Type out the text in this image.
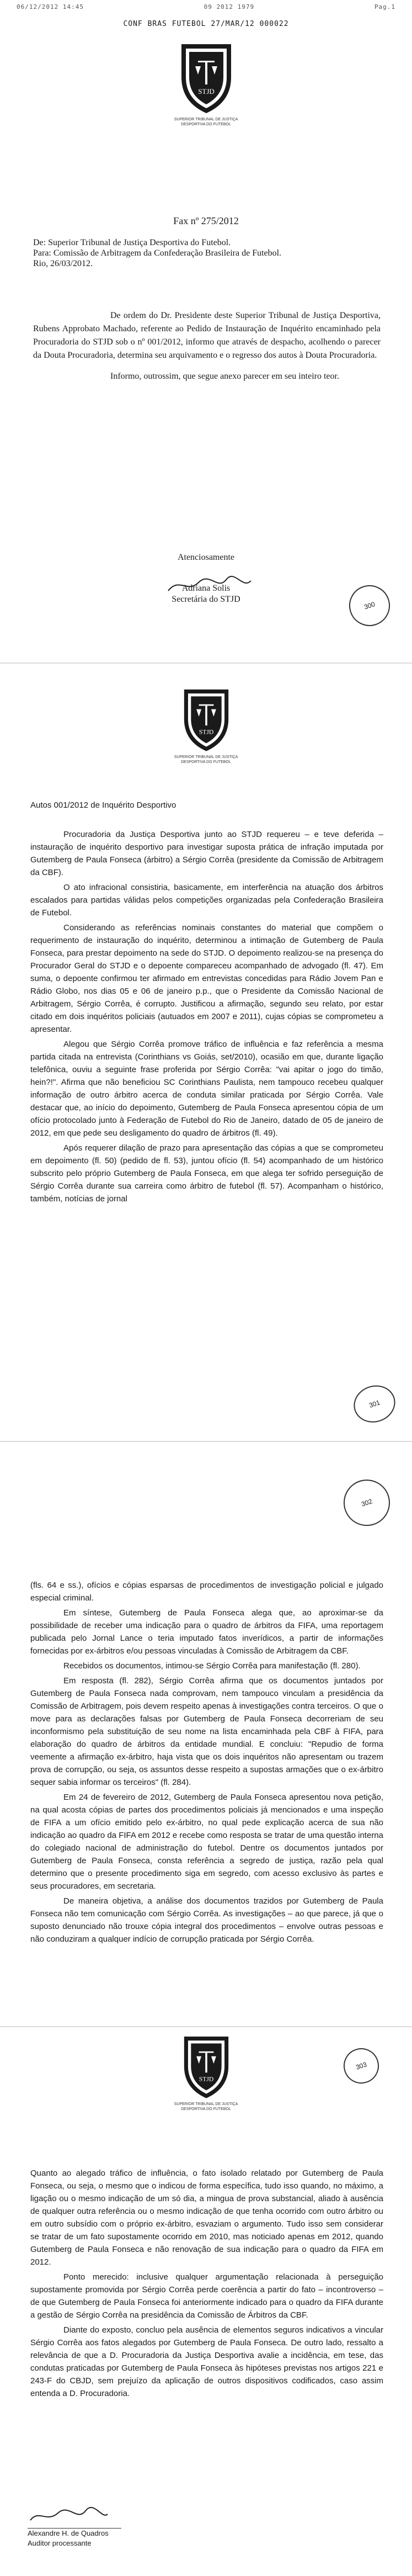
06/12/2012 14:45	09 2012 1979	Pag.1
CONF BRAS FUTEBOL 27/MAR/12 000022
STJD
SUPERIOR TRIBUNAL DE JUSTIÇA
DESPORTIVA DO FUTEBOL
Fax nº 275/2012
De: Superior Tribunal de Justiça Desportiva do Futebol.
Para: Comissão de Arbitragem da Confederação Brasileira de Futebol.
Rio, 26/03/2012.

De ordem do Dr. Presidente deste Superior Tribunal de Justiça Desportiva, Rubens Approbato Machado, referente ao Pedido de Instauração de Inquérito encaminhado pela Procuradoria do STJD sob o nº 001/2012, informo que através de despacho, acolhendo o parecer da Douta Procuradoria, determina seu arquivamento e o regresso dos autos à Douta Procuradoria.

Informo, outrossim, que segue anexo parecer em seu inteiro teor.

Atenciosamente
Adriana Solis
Secretária do STJD
300
STJD
SUPERIOR TRIBUNAL DE JUSTIÇA
DESPORTIVA DO FUTEBOL
Autos 001/2012 de Inquérito Desportivo

Procuradoria da Justiça Desportiva junto ao STJD requereu – e teve deferida – instauração de inquérito desportivo para investigar suposta prática de infração imputada por Gutemberg de Paula Fonseca (árbitro) a Sérgio Corrêa (presidente da Comissão de Arbitragem da CBF).

O ato infracional consistiria, basicamente, em interferência na atuação dos árbitros escalados para partidas válidas pelos competições organizadas pela Confederação Brasileira de Futebol.

Considerando as referências nominais constantes do material que compõem o requerimento de instauração do inquérito, determinou a intimação de Gutemberg de Paula Fonseca, para prestar depoimento na sede do STJD. O depoimento realizou-se na presença do Procurador Geral do STJD e o depoente compareceu acompanhado de advogado (fl. 47). Em suma, o depoente confirmou ter afirmado em entrevistas concedidas para Rádio Jovem Pan e Rádio Globo, nos dias 05 e 06 de janeiro p.p., que o Presidente da Comissão Nacional de Arbitragem, Sérgio Corrêa, é corrupto. Justificou a afirmação, segundo seu relato, por estar citado em dois inquéritos policiais (autuados em 2007 e 2011), cujas cópias se comprometeu a apresentar.

Alegou que Sérgio Corrêa promove tráfico de influência e faz referência a mesma partida citada na entrevista (Corinthians vs Goiás, set/2010), ocasião em que, durante ligação telefônica, ouviu a seguinte frase proferida por Sérgio Corrêa: "vai apitar o jogo do timão, hein?!". Afirma que não beneficiou SC Corinthians Paulista, nem tampouco recebeu qualquer informação de outro árbitro acerca de conduta similar praticada por Sérgio Corrêa. Vale destacar que, ao início do depoimento, Gutemberg de Paula Fonseca apresentou cópia de um ofício protocolado junto à Federação de Futebol do Rio de Janeiro, datado de 05 de janeiro de 2012, em que pede seu desligamento do quadro de árbitros (fl. 49).

Após requerer dilação de prazo para apresentação das cópias a que se comprometeu em depoimento (fl. 50) (pedido de fl. 53), juntou ofício (fl. 54) acompanhado de um histórico subscrito pelo próprio Gutemberg de Paula Fonseca, em que alega ter sofrido perseguição de Sérgio Corrêa durante sua carreira como árbitro de futebol (fl. 57). Acompanham o histórico, também, notícias de jornal

301
302

(fls. 64 e ss.), ofícios e cópias esparsas de procedimentos de investigação policial e julgado especial criminal.

Em síntese, Gutemberg de Paula Fonseca alega que, ao aproximar-se da possibilidade de receber uma indicação para o quadro de árbitros da FIFA, uma reportagem publicada pelo Jornal Lance o teria imputado fatos inverídicos, a partir de informações fornecidas por ex-árbitros e/ou pessoas vinculadas à Comissão de Arbitragem da CBF.

Recebidos os documentos, intimou-se Sérgio Corrêa para manifestação (fl. 280).

Em resposta (fl. 282), Sérgio Corrêa afirma que os documentos juntados por Gutemberg de Paula Fonseca nada comprovam, nem tampouco vinculam a presidência da Comissão de Arbitragem, pois devem respeito apenas à investigações contra terceiros. O que o move para as declarações falsas por Gutemberg de Paula Fonseca decorreriam de seu inconformismo pela substituição de seu nome na lista encaminhada pela CBF à FIFA, para elaboração do quadro de árbitros da entidade mundial. E concluiu: "Repudio de forma veemente a afirmação ex-árbitro, haja vista que os dois inquéritos não apresentam ou trazem prova de corrupção, ou seja, os assuntos desse respeito a supostas armações que o ex-árbitro sequer sabia informar os terceiros" (fl. 284).

Em 24 de fevereiro de 2012, Gutemberg de Paula Fonseca apresentou nova petição, na qual acosta cópias de partes dos procedimentos policiais já mencionados e uma inspeção de FIFA a um ofício emitido pelo ex-árbitro, no qual pede explicação acerca de sua não indicação ao quadro da FIFA em 2012 e recebe como resposta se tratar de uma questão interna do colegiado nacional de administração do futebol. Dentre os documentos juntados por Gutemberg de Paula Fonseca, consta referência a segredo de justiça, razão pela qual determino que o presente procedimento siga em segredo, com acesso exclusivo às partes e seus procuradores, em secretaria.

De maneira objetiva, a análise dos documentos trazidos por Gutemberg de Paula Fonseca não tem comunicação com Sérgio Corrêa. As investigações – ao que parece, já que o suposto denunciado não trouxe cópia integral dos procedimentos – envolve outras pessoas e não conduziram a qualquer indício de corrupção praticada por Sérgio Corrêa.

STJD
SUPERIOR TRIBUNAL DE JUSTIÇA
DESPORTIVA DO FUTEBOL
303

Quanto ao alegado tráfico de influência, o fato isolado relatado por Gutemberg de Paula Fonseca, ou seja, o mesmo que o indicou de forma específica, tudo isso quando, no máximo, a ligação ou o mesmo indicação de um só dia, a mingua de prova substancial, aliado à ausência de qualquer outra referência ou o mesmo indicação de que tenha ocorrido com outro árbitro ou em outro subsídio com o próprio ex-árbitro, esvaziam o argumento. Tudo isso sem considerar se tratar de um fato supostamente ocorrido em 2010, mas noticiado apenas em 2012, quando Gutemberg de Paula Fonseca e não renovação de sua indicação para o quadro da FIFA em 2012.

Ponto merecido: inclusive qualquer argumentação relacionada à perseguição supostamente promovida por Sérgio Corrêa perde coerência a partir do fato – incontroverso – de que Gutemberg de Paula Fonseca foi anteriormente indicado para o quadro da FIFA durante a gestão de Sérgio Corrêa na presidência da Comissão de Árbitros da CBF.

Diante do exposto, concluo pela ausência de elementos seguros indicativos a vincular Sérgio Corrêa aos fatos alegados por Gutemberg de Paula Fonseca. De outro lado, ressalto a relevância de que a D. Procuradoria da Justiça Desportiva avalie a incidência, em tese, das condutas praticadas por Gutemberg de Paula Fonseca às hipóteses previstas nos artigos 221 e 243-F do CBJD, sem prejuízo da aplicação de outros dispositivos codificados, caso assim entenda a D. Procuradoria.

Alexandre H. de Quadros
Auditor processante
